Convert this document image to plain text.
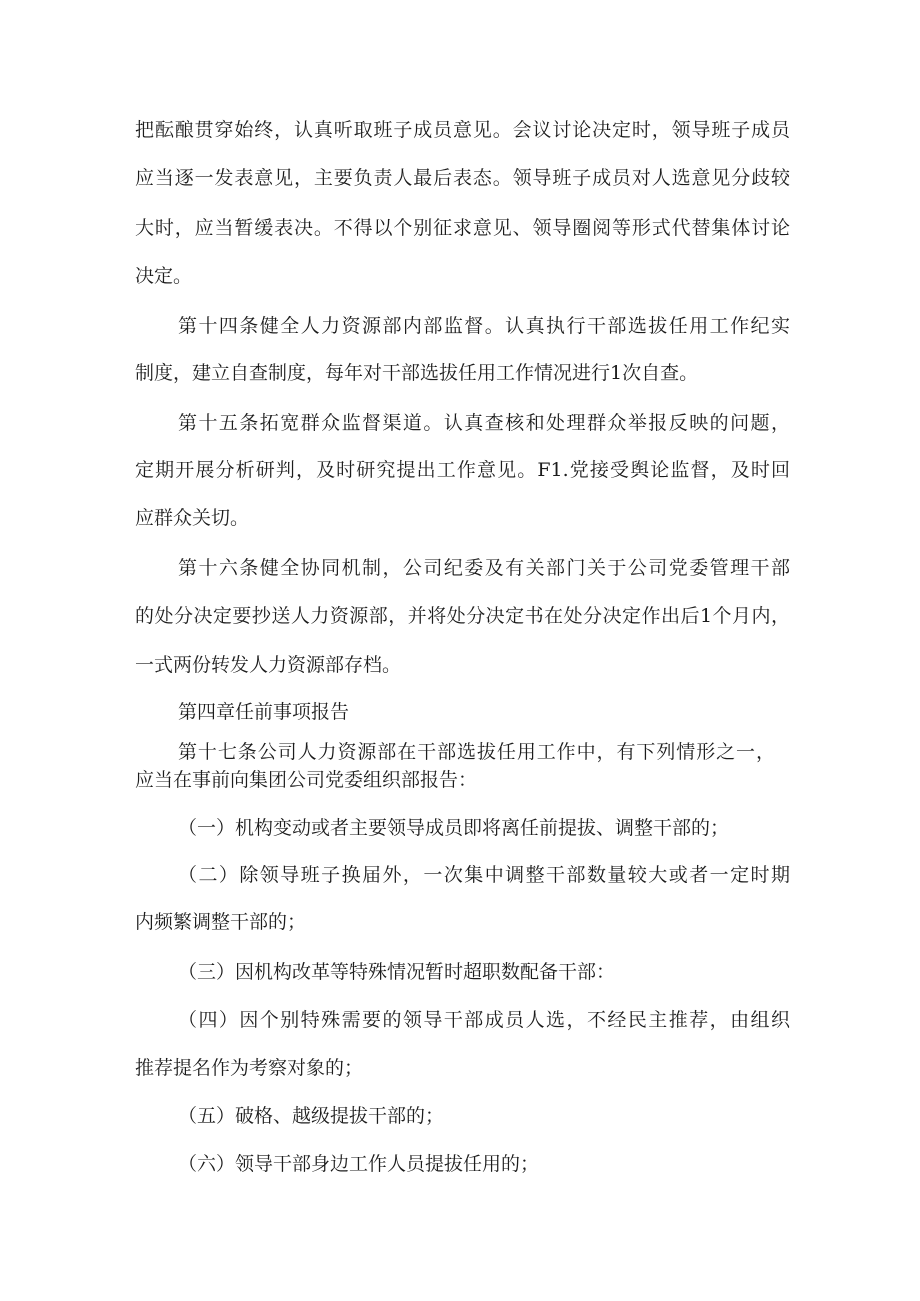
把酝酿贯穿始终，认真听取班子成员意见。会议讨论决定时，领导班子成员
应当逐一发表意见，主要负责人最后表态。领导班子成员对人选意见分歧较
大时，应当暂缓表决。不得以个别征求意见、领导圈阅等形式代替集体讨论
决定。
第十四条健全人力资源部内部监督。认真执行干部选拔任用工作纪实
制度，建立自查制度，每年对干部选拔任用工作情况进行1次自查。
第十五条拓宽群众监督渠道。认真查核和处理群众举报反映的问题，
定期开展分析研判，及时研究提出工作意见。F1.党接受舆论监督，及时回
应群众关切。
第十六条健全协同机制，公司纪委及有关部门关于公司党委管理干部
的处分决定要抄送人力资源部，并将处分决定书在处分决定作出后1个月内，
一式两份转发人力资源部存档。
第四章任前事项报告
第十七条公司人力资源部在干部选拔任用工作中，有下列情形之一，
应当在事前向集团公司党委组织部报告：
（一）机构变动或者主要领导成员即将离任前提拔、调整干部的；
（二）除领导班子换届外，一次集中调整干部数量较大或者一定时期
内频繁调整干部的；
（三）因机构改革等特殊情况暂时超职数配备干部：
（四）因个别特殊需要的领导干部成员人选，不经民主推荐，由组织
推荐提名作为考察对象的；
（五）破格、越级提拔干部的；
（六）领导干部身边工作人员提拔任用的；
